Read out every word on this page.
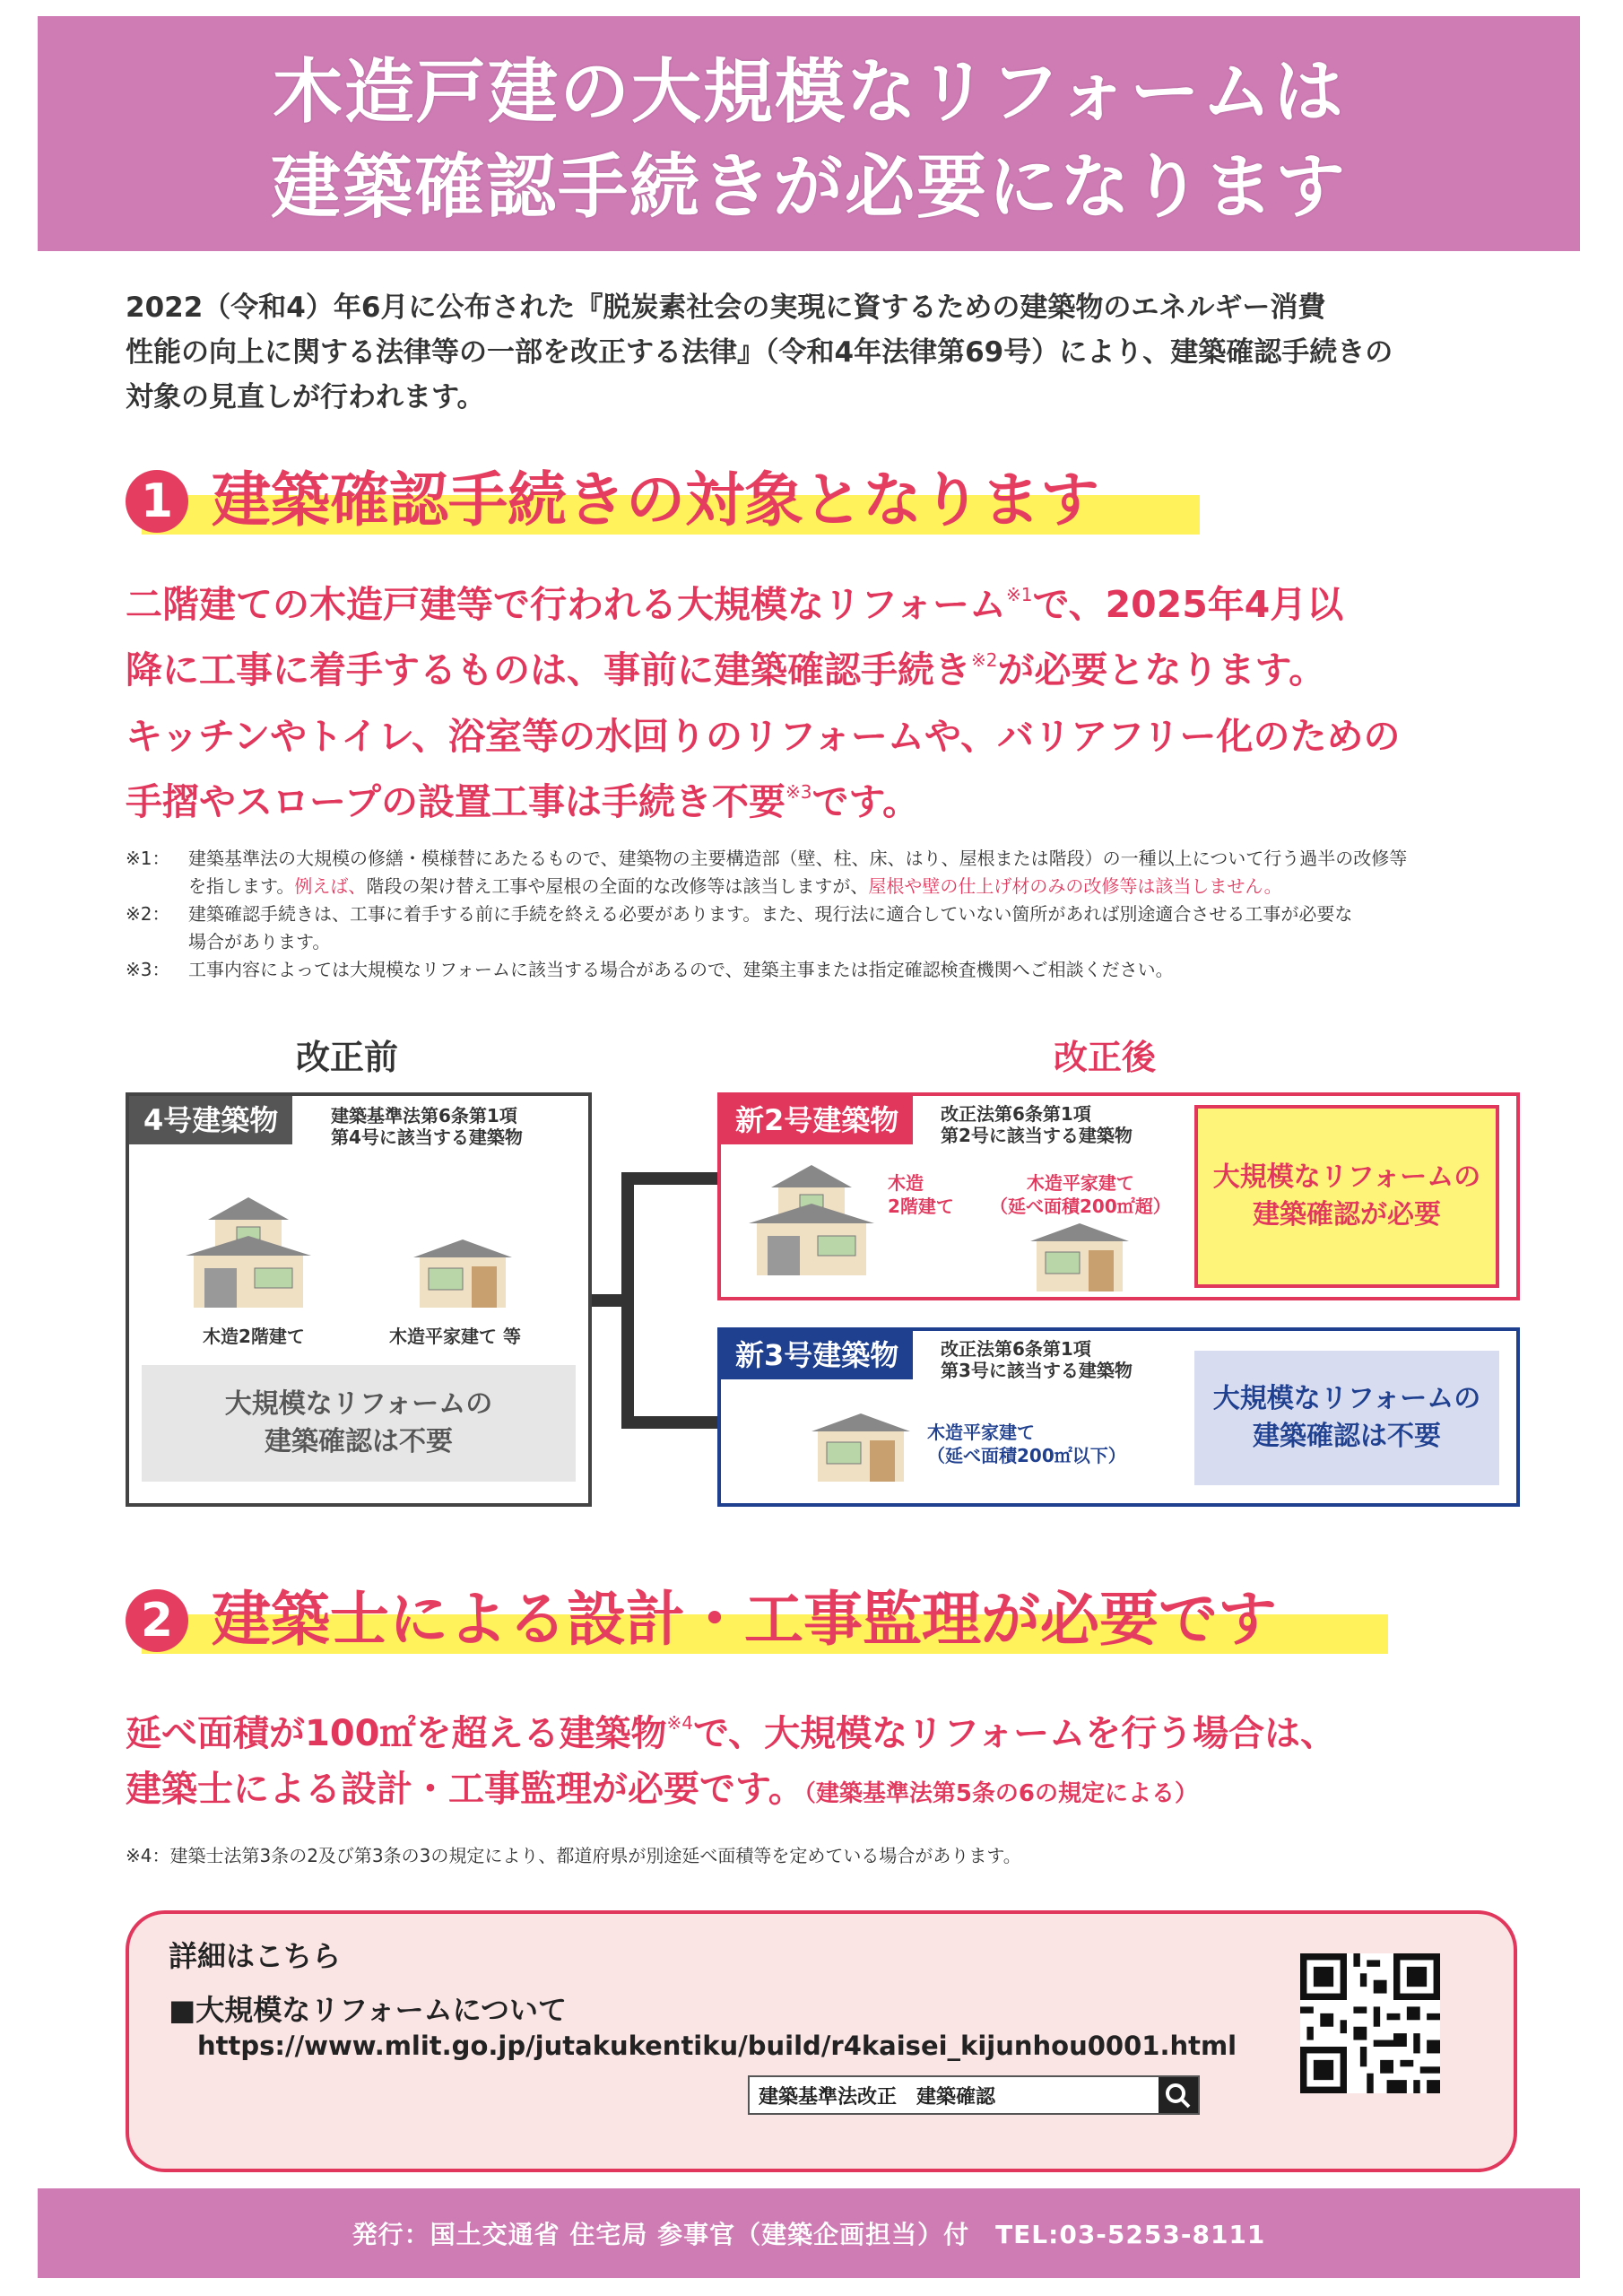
木造戸建の大規模なリフォームは
建築確認手続きが必要になります
2022（令和4）年6月に公布された『脱炭素社会の実現に資するための建築物のエネルギー消費
性能の向上に関する法律等の一部を改正する法律』（令和4年法律第69号）により、建築確認手続きの
対象の見直しが行われます。
1 建築確認手続きの対象となります
二階建ての木造戸建等で行われる大規模なリフォーム$^{※1}$で、2025年4月以
降に工事に着手するものは、事前に建築確認手続き$^{※2}$が必要となります。
キッチンやトイレ、浴室等の水回りのリフォームや、バリアフリー化のための
手摺やスロープの設置工事は手続き不要$^{※3}$です。
※1：	建築基準法の大規模の修繕・模様替にあたるもので、建築物の主要構造部（壁、柱、床、はり、屋根または階段）の一種以上について行う過半の改修等
を指します。例えば、階段の架け替え工事や屋根の全面的な改修等は該当しますが、屋根や壁の仕上げ材のみの改修等は該当しません。
※2：	建築確認手続きは、工事に着手する前に手続を終える必要があります。また、現行法に適合していない箇所があれば別途適合させる工事が必要な
場合があります。
※3：	工事内容によっては大規模なリフォームに該当する場合があるので、建築主事または指定確認検査機関へご相談ください。
改正前	改正後
4号建築物	建築基準法第6条第1項
第4号に該当する建築物
木造2階建て	木造平家建て 等
大規模なリフォームの
建築確認は不要
新2号建築物	改正法第6条第1項
第2号に該当する建築物
木造
2階建て
木造平家建て
（延べ面積200㎡超）
大規模なリフォームの
建築確認が必要
新3号建築物	改正法第6条第1項
第3号に該当する建築物
木造平家建て
（延べ面積200㎡以下）
大規模なリフォームの
建築確認は不要
2 建築士による設計・工事監理が必要です
延べ面積が100㎡を超える建築物$^{※4}$で、大規模なリフォームを行う場合は、
建築士による設計・工事監理が必要です。（建築基準法第5条の6の規定による）
※4：建築士法第3条の2及び第3条の3の規定により、都道府県が別途延べ面積等を定めている場合があります。
詳細はこちら
■大規模なリフォームについて
https://www.mlit.go.jp/jutakukentiku/build/r4kaisei_kijunhou0001.html
建築基準法改正　建築確認
発行：国土交通省 住宅局 参事官（建築企画担当）付　TEL:03-5253-8111
